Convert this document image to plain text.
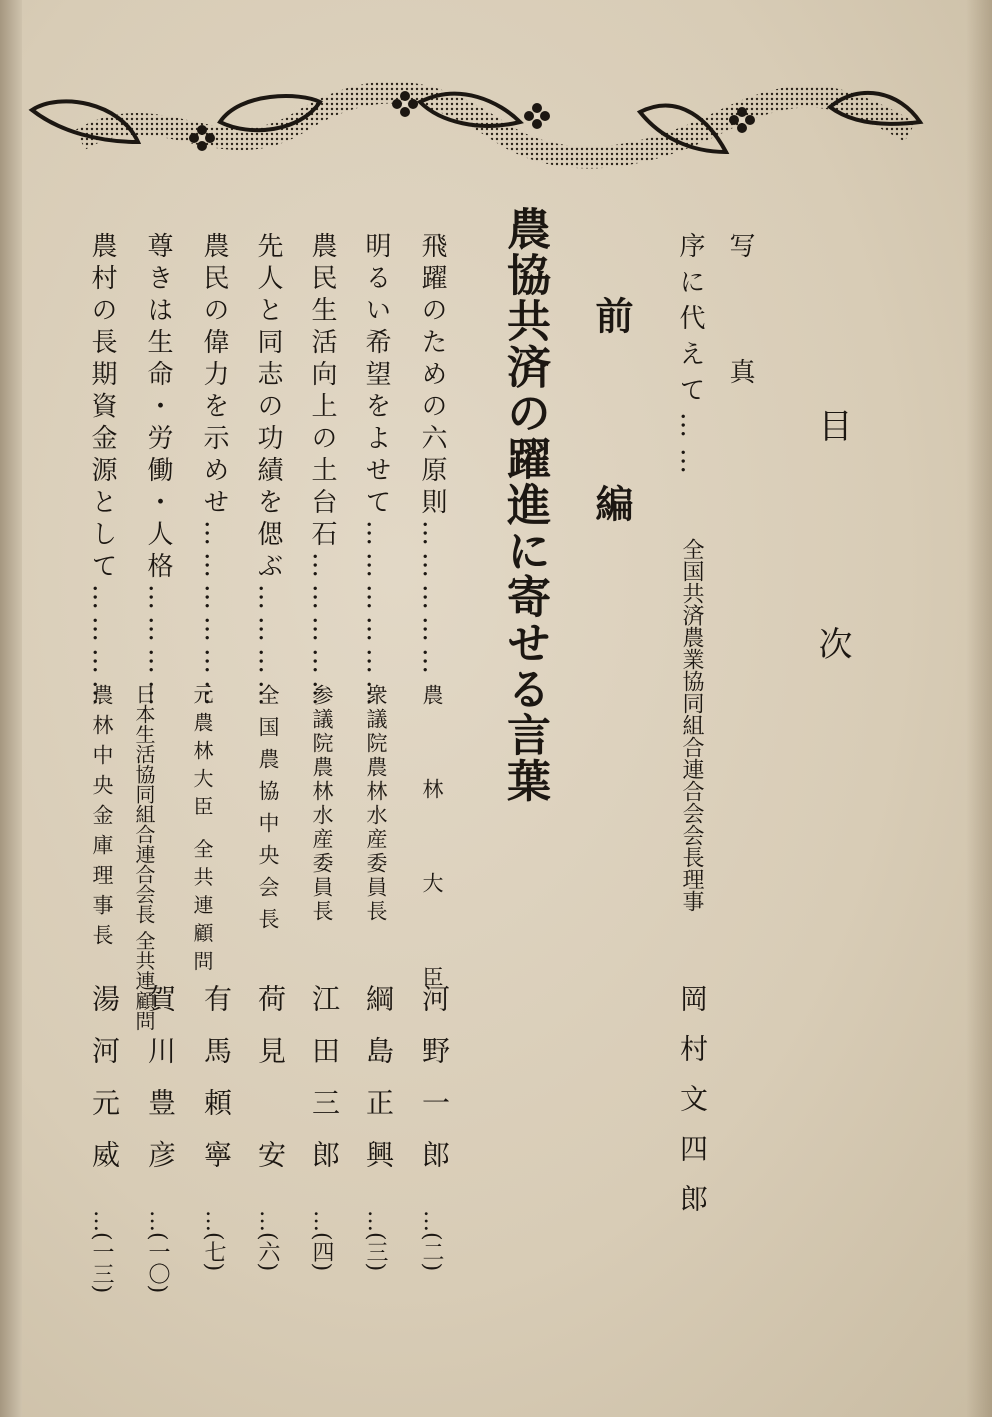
目　次
写　　真
序に代えて……
全国共済農業協同組合連合会会長理事
岡村文四郎
前　編
農協共済の躍進に寄せる言葉
飛躍のための六原則……………
農　林　大　臣
河野一郎
…(二)
明るい希望をよせて………………
衆議院農林水産委員長
綱島正興
…(三)
農民生活向上の土台石……………
参議院農林水産委員長
江田三郎
…(四)
先人と同志の功績を偲ぶ…………
全国農協中央会長
荷見　安
…(六)
農民の偉力を示めせ………………
元農林大臣 全共連顧問
有馬頼寧
…(七)
尊きは生命・労働・人格…………
日本生活協同組合連合会長 全共連顧問
賀川豊彦
…(一〇)
農村の長期資金源として…………
農林中央金庫理事長
湯河元威
…(一三)
